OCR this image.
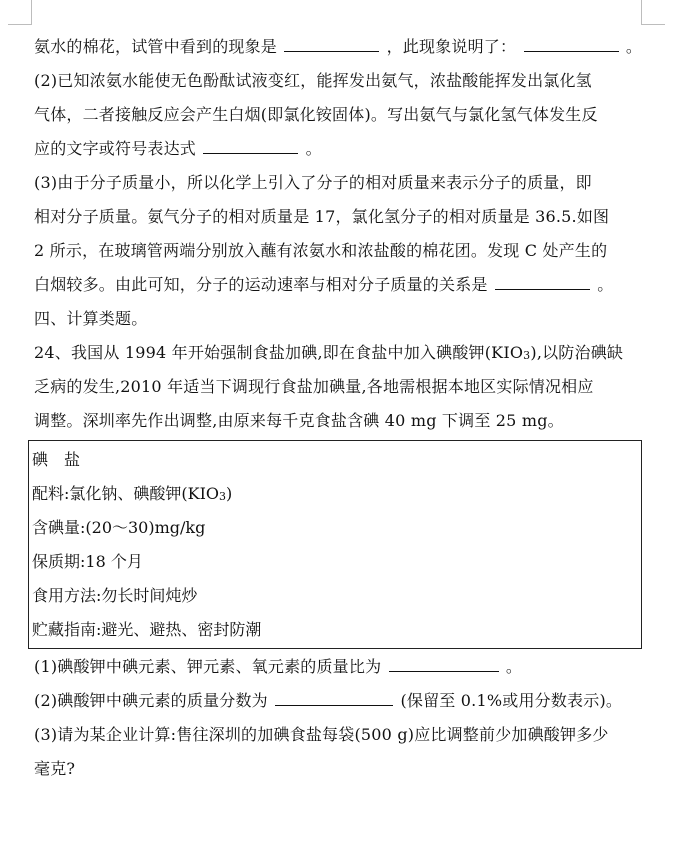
氨水的棉花，试管中看到的现象是	，此现象说明了：	。
(2)已知浓氨水能使无色酚酞试液变红，能挥发出氨气，浓盐酸能挥发出氯化氢
气体，二者接触反应会产生白烟(即氯化铵固体)。写出氨气与氯化氢气体发生反
应的文字或符号表达式	。
(3)由于分子质量小，所以化学上引入了分子的相对质量来表示分子的质量，即
相对分子质量。氨气分子的相对质量是 17，氯化氢分子的相对质量是 36.5.如图
2 所示，在玻璃管两端分别放入蘸有浓氨水和浓盐酸的棉花团。发现 C 处产生的
白烟较多。由此可知，分子的运动速率与相对分子质量的关系是	。
四、计算类题。
24、我国从 1994 年开始强制食盐加碘,即在食盐中加入碘酸钾$(KIO_3)$,以防治碘缺
乏病的发生,2010 年适当下调现行食盐加碘量,各地需根据本地区实际情况相应
调整。深圳率先作出调整,由原来每千克食盐含碘 40 mg 下调至 25 mg。
碘　盐
配料:氯化钠、碘酸钾$(KIO_3)$
含碘量:(20～30)mg/kg
保质期:18 个月
食用方法:勿长时间炖炒
贮藏指南:避光、避热、密封防潮
(1)碘酸钾中碘元素、钾元素、氧元素的质量比为	。
(2)碘酸钾中碘元素的质量分数为	(保留至 0.1%或用分数表示)。
(3)请为某企业计算:售往深圳的加碘食盐每袋(500 g)应比调整前少加碘酸钾多少
毫克?
